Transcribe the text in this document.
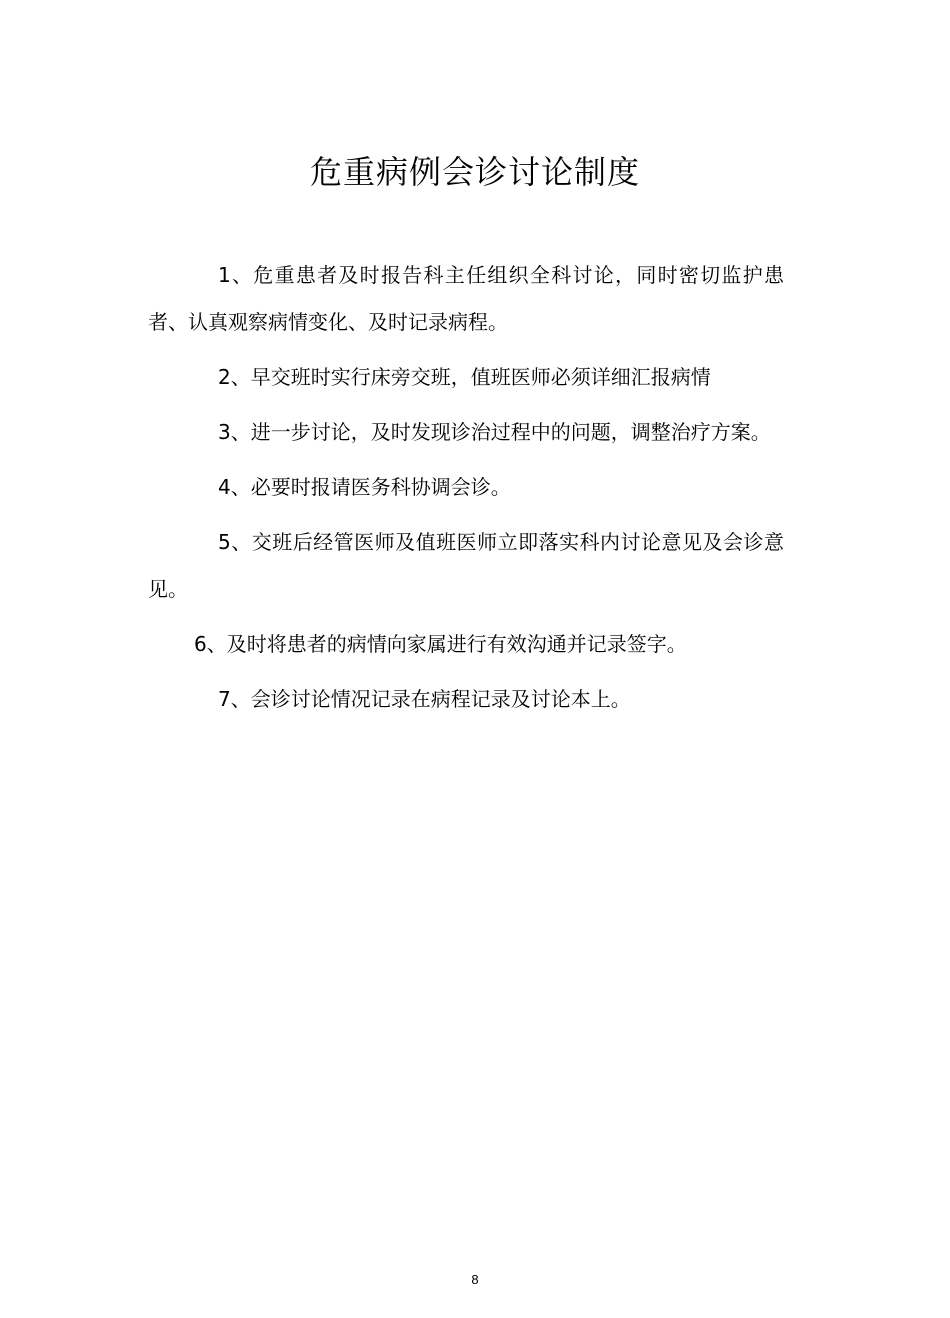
危重病例会诊讨论制度

1、危重患者及时报告科主任组织全科讨论，同时密切监护患者、认真观察病情变化、及时记录病程。

2、早交班时实行床旁交班，值班医师必须详细汇报病情

3、进一步讨论，及时发现诊治过程中的问题，调整治疗方案。

4、必要时报请医务科协调会诊。

5、交班后经管医师及值班医师立即落实科内讨论意见及会诊意见。

6、及时将患者的病情向家属进行有效沟通并记录签字。

7、会诊讨论情况记录在病程记录及讨论本上。

8
